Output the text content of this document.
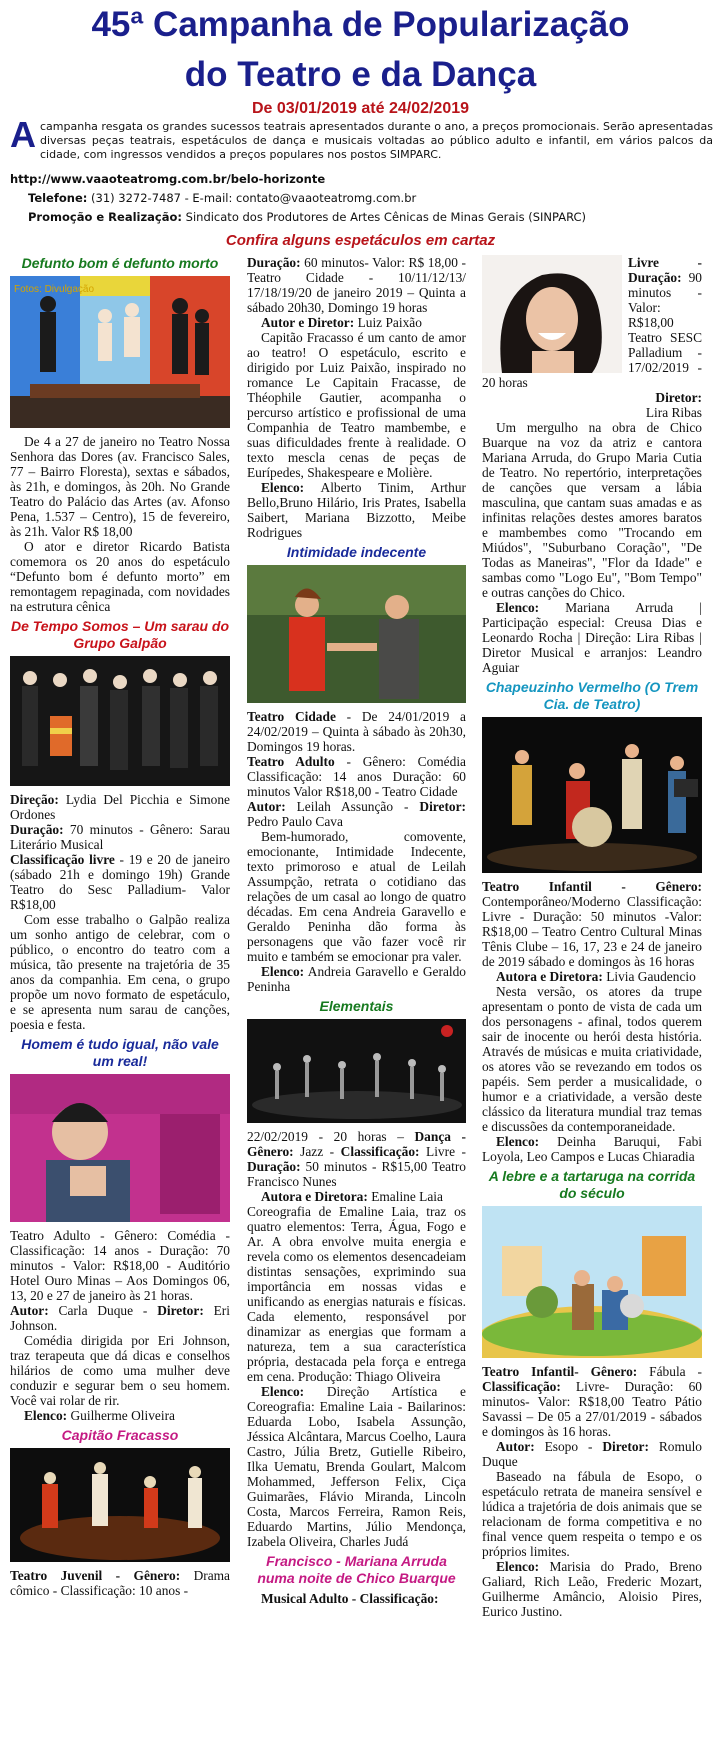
45ª Campanha de Popularização
do Teatro e da Dança
De 03/01/2019 até 24/02/2019
A campanha resgata os grandes sucessos teatrais apresentados durante o ano, a preços promocionais. Serão apresentadas diversas peças teatrais, espetáculos de dança e musicais voltadas ao público adulto e infantil, em vários palcos da cidade, com ingressos vendidos a preços populares nos postos SIMPARC.
http://www.vaaoteatromg.com.br/belo-horizonte
Telefone: (31) 3272-7487 - E-mail: contato@vaaoteatromg.com.br
Promoção e Realização: Sindicato dos Produtores de Artes Cênicas de Minas Gerais (SINPARC)
Confira alguns espetáculos em cartaz
Defunto bom é defunto morto
Fotos: Divulgação

De 4 a 27 de janeiro no Teatro Nossa Senhora das Dores (av. Francisco Sales, 77 – Bairro Floresta), sextas e sábados, às 21h, e domingos, às 20h. No Grande Teatro do Palácio das Artes (av. Afonso Pena, 1.537 – Centro), 15 de fevereiro, às 21h. Valor R$ 18,00

O ator e diretor Ricardo Batista comemora os 20 anos do espetáculo “Defunto bom é defunto morto” em remontagem repaginada, com novidades na estrutura cênica

De Tempo Somos – Um sarau do Grupo Galpão

Direção: Lydia Del Picchia e Simone Ordones

Duração: 70 minutos - Gênero: Sarau Literário Musical

Classificação livre - 19 e 20 de janeiro (sábado 21h e domingo 19h) Grande Teatro do Sesc Palladium- Valor R$18,00

Com esse trabalho o Galpão realiza um sonho antigo de celebrar, com o público, o encontro do teatro com a música, tão presente na trajetória de 35 anos da companhia. Em cena, o grupo propõe um novo formato de espetáculo, e se apresenta num sarau de canções, poesia e festa.

Homem é tudo igual, não vale um real!

Teatro Adulto - Gênero: Comédia - Classificação: 14 anos - Duração: 70 minutos - Valor: R$18,00 - Auditório Hotel Ouro Minas – Aos Domingos 06, 13, 20 e 27 de janeiro às 21 horas.

Autor: Carla Duque - Diretor: Eri Johnson.

Comédia dirigida por Eri Johnson, traz terapeuta que dá dicas e conselhos hilários de como uma mulher deve conduzir e segurar bem o seu homem. Você vai rolar de rir.

Elenco: Guilherme Oliveira

Capitão Fracasso

Teatro Juvenil - Gênero: Drama cômico - Classificação: 10 anos -

Duração: 60 minutos- Valor: R$ 18,00 - Teatro Cidade - 10/11/12/13/ 17/18/19/20 de janeiro 2019 – Quinta a sábado 20h30, Domingo 19 horas

Autor e Diretor: Luiz Paixão

Capitão Fracasso é um canto de amor ao teatro! O espetáculo, escrito e dirigido por Luiz Paixão, inspirado no romance Le Capitain Fracasse, de Théophile Gautier, acompanha o percurso artístico e profissional de uma Companhia de Teatro mambembe, e suas dificuldades frente à realidade. O texto mescla cenas de peças de Eurípedes, Shakespeare e Molière.

Elenco: Alberto Tinim, Arthur Bello,Bruno Hilário, Iris Prates, Isabella Saibert, Mariana Bizzotto, Meibe Rodrigues

Intimidade indecente

Teatro Cidade - De 24/01/2019 a 24/02/2019 – Quinta à sábado às 20h30, Domingos 19 horas.

Teatro Adulto - Gênero: Comédia Classificação: 14 anos Duração: 60 minutos Valor R$18,00 - Teatro Cidade

Autor: Leilah Assunção - Diretor: Pedro Paulo Cava

Bem-humorado, comovente, emocionante, Intimidade Indecente, texto primoroso e atual de Leilah Assumpção, retrata o cotidiano das relações de um casal ao longo de quatro décadas. Em cena Andreia Garavello e Geraldo Peninha dão forma às personagens que vão fazer você rir muito e também se emocionar pra valer.

Elenco: Andreia Garavello e Geraldo Peninha

Elementais

22/02/2019 - 20 horas – Dança - Gênero: Jazz - Classificação: Livre - Duração: 50 minutos - R$15,00 Teatro Francisco Nunes

Autora e Diretora: Emaline Laia

Coreografia de Emaline Laia, traz os quatro elementos: Terra, Água, Fogo e Ar. A obra envolve muita energia e revela como os elementos desencadeiam distintas sensações, exprimindo sua importância em nossas vidas e unificando as energias naturais e físicas. Cada elemento, responsável por dinamizar as energias que formam a natureza, tem a sua característica própria, destacada pela força e entrega em cena. Produção: Thiago Oliveira

Elenco: Direção Artística e Coreografia: Emaline Laia - Bailarinos: Eduarda Lobo, Isabela Assunção, Jéssica Alcântara, Marcus Coelho, Laura Castro, Júlia Bretz, Gutielle Ribeiro, Ilka Uematu, Brenda Goulart, Malcom Mohammed, Jefferson Felix, Ciça Guimarães, Flávio Miranda, Lincoln Costa, Marcos Ferreira, Ramon Reis, Eduardo Martins, Júlio Mendonça, Izabela Oliveira, Charles Judá

Francisco - Mariana Arruda numa noite de Chico Buarque

Musical Adulto - Classificação:

Livre - Duração: 90 minutos -Valor: R$18,00 Teatro SESC Palladium - 17/02/2019 - 20 horas

Diretor:

Lira Ribas

Um mergulho na obra de Chico Buarque na voz da atriz e cantora Mariana Arruda, do Grupo Maria Cutia de Teatro. No repertório, interpretações de canções que versam a lábia masculina, que cantam suas amadas e as infinitas relações destes amores baratos e mambembes como "Trocando em Miúdos", "Suburbano Coração", "De Todas as Maneiras", "Flor da Idade" e sambas como "Logo Eu", "Bom Tempo" e outras canções do Chico.

Elenco: Mariana Arruda | Participação especial: Creusa Dias e Leonardo Rocha | Direção: Lira Ribas | Diretor Musical e arranjos: Leandro Aguiar

Chapeuzinho Vermelho (O Trem Cia. de Teatro)

Teatro Infantil - Gênero: Contemporâneo/Moderno Classificação: Livre - Duração: 50 minutos -Valor: R$18,00 – Teatro Centro Cultural Minas Tênis Clube – 16, 17, 23 e 24 de janeiro de 2019 sábado e domingos às 16 horas

Autora e Diretora: Livia Gaudencio

Nesta versão, os atores da trupe apresentam o ponto de vista de cada um dos personagens - afinal, todos querem sair de inocente ou herói desta história. Através de músicas e muita criatividade, os atores vão se revezando em todos os papéis. Sem perder a musicalidade, o humor e a criatividade, a versão deste clássico da literatura mundial traz temas e discussões da contemporaneidade.

Elenco: Deinha Baruqui, Fabi Loyola, Leo Campos e Lucas Chiaradia

A lebre e a tartaruga na corrida do século

Teatro Infantil- Gênero: Fábula - Classificação: Livre- Duração: 60 minutos- Valor: R$18,00 Teatro Pátio Savassi – De 05 a 27/01/2019 - sábados e domingos às 16 horas.

Autor: Esopo - Diretor: Romulo Duque

Baseado na fábula de Esopo, o espetáculo retrata de maneira sensível e lúdica a trajetória de dois animais que se relacionam de forma competitiva e no final vence quem respeita o tempo e os próprios limites.

Elenco: Marisia do Prado, Breno Galiard, Rich Leão, Frederic Mozart, Guilherme Amâncio, Aloisio Pires, Eurico Justino.
